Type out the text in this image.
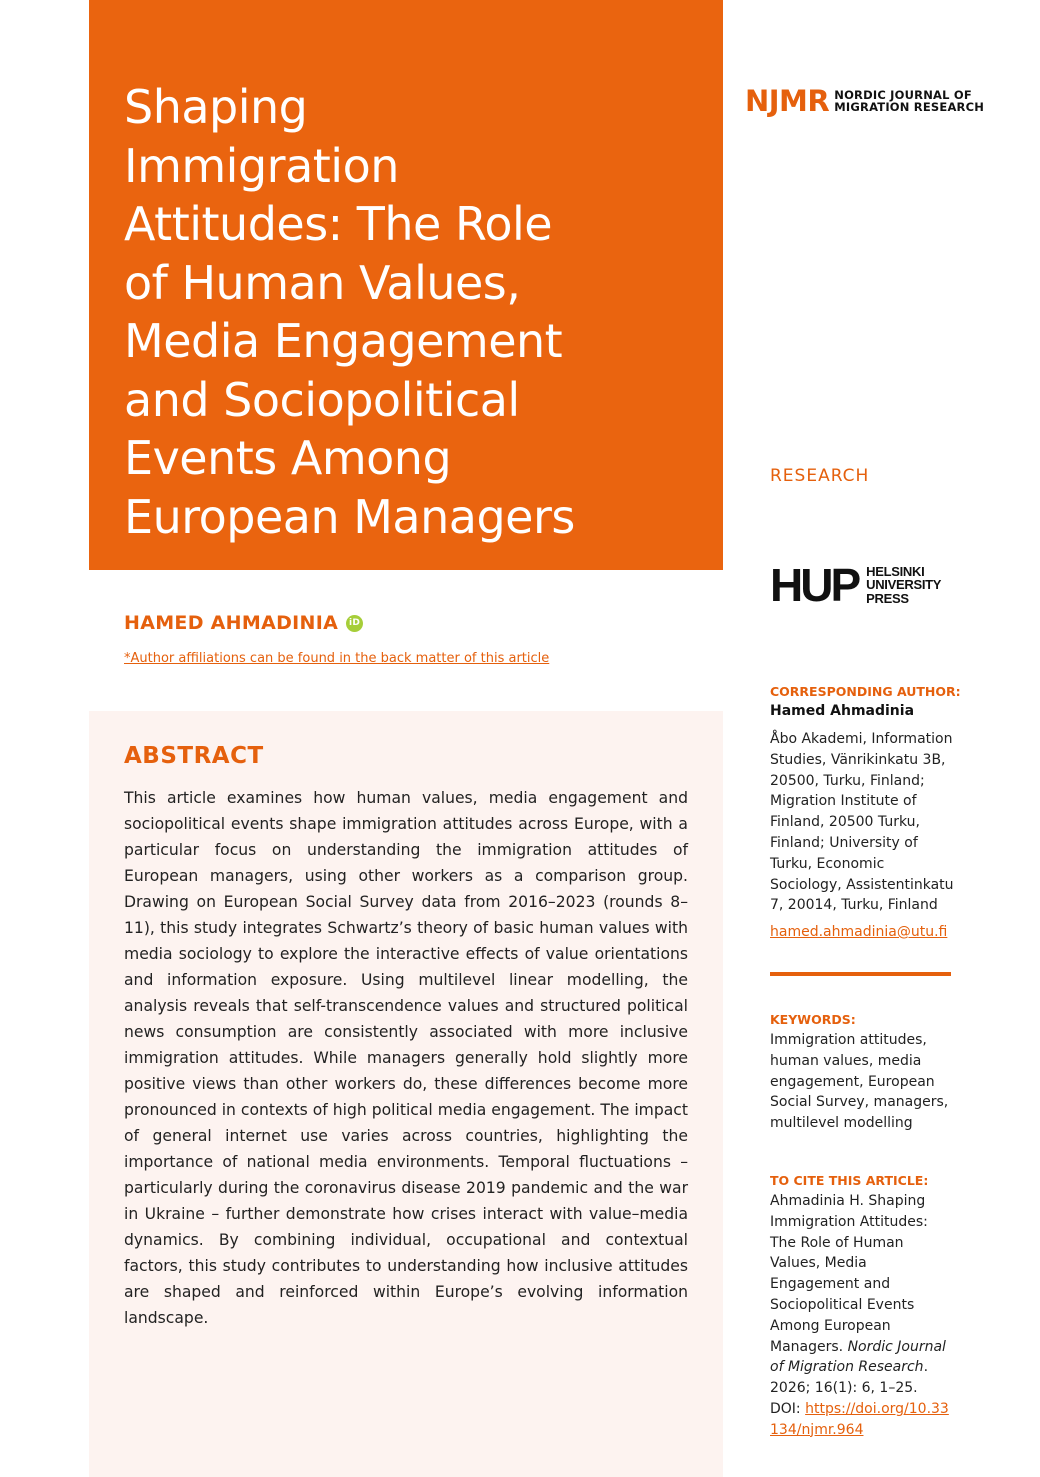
Shaping
Immigration
Attitudes: The Role
of Human Values,
Media Engagement
and Sociopolitical
Events Among
European Managers
HAMED AHMADINIA	iD
*Author affiliations can be found in the back matter of this article
ABSTRACT

This article examines how human values, media engagement and sociopolitical events shape immigration attitudes across Europe, with a particular focus on understanding the immigration attitudes of European managers, using other workers as a comparison group. Drawing on European Social Survey data from 2016–2023 (rounds 8–11), this study integrates Schwartz’s theory of basic human values with media sociology to explore the interactive effects of value orientations and information exposure. Using multilevel linear modelling, the analysis reveals that self-transcendence values and structured political news consumption are consistently associated with more inclusive immigration attitudes. While managers generally hold slightly more positive views than other workers do, these differences become more pronounced in contexts of high political media engagement. The impact of general internet use varies across countries, highlighting the importance of national media environments. Temporal fluctuations – particularly during the coronavirus disease 2019 pandemic and the war in Ukraine – further demonstrate how crises interact with value–media dynamics. By combining individual, occupational and contextual factors, this study contributes to understanding how inclusive attitudes are shaped and reinforced within Europe’s evolving information landscape.

NJMR NORDIC JOURNAL OF
MIGRATION RESEARCH
RESEARCH
HUP HELSINKI
UNIVERSITY
PRESS
CORRESPONDING AUTHOR:
Hamed Ahmadinia

Åbo Akademi, Information Studies, Vänrikinkatu 3B, 20500, Turku, Finland; Migration Institute of Finland, 20500 Turku, Finland; University of Turku, Economic Sociology, Assistentinkatu 7, 20014, Turku, Finland

hamed.ahmadinia@utu.fi
KEYWORDS:

Immigration attitudes, human values, media engagement, European Social Survey, managers, multilevel modelling

TO CITE THIS ARTICLE:

Ahmadinia H. Shaping Immigration Attitudes: The Role of Human Values, Media Engagement and Sociopolitical Events Among European Managers. Nordic Journal of Migration Research. 2026; 16(1): 6, 1–25. DOI: https://doi.org/10.33134/njmr.964
